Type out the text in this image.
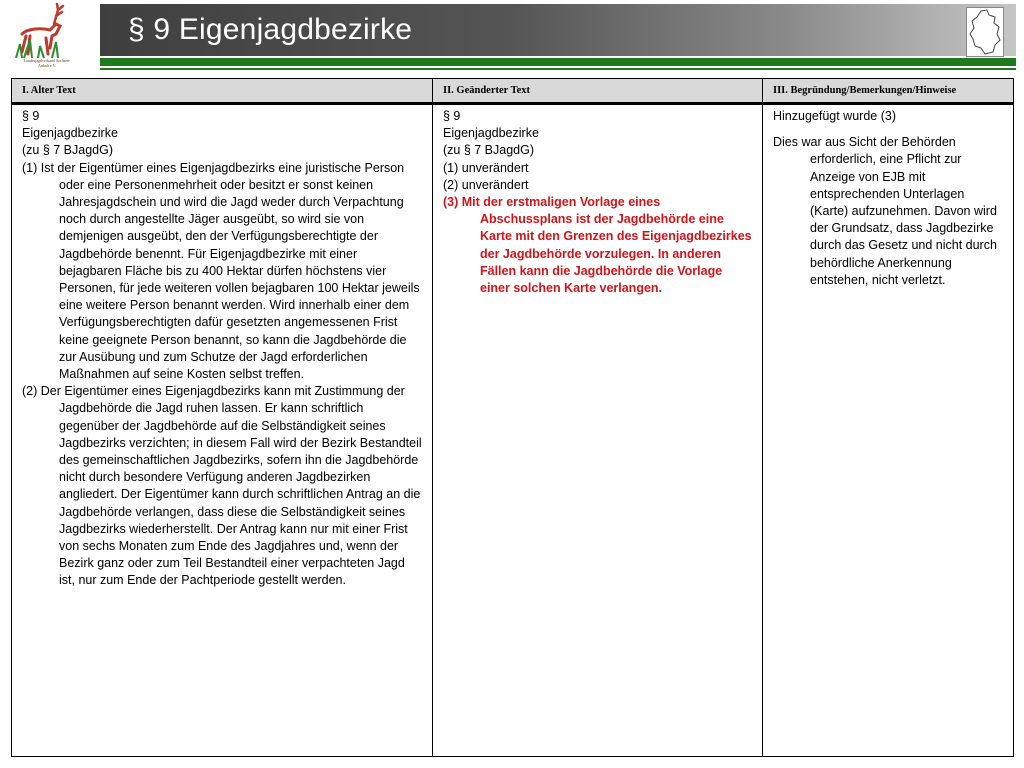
Landesjagdverband Sachsen-Anhalt e.V.
§ 9 Eigenjagdbezirke
I. Alter Text

§ 9

Eigenjagdbezirke

(zu § 7 BJagdG)

(1) Ist der Eigentümer eines Eigenjagdbezirks eine juristische Person oder eine Personenmehrheit oder besitzt er sonst keinen Jahresjagdschein und wird die Jagd weder durch Verpachtung noch durch angestellte Jäger ausgeübt, so wird sie von demjenigen ausgeübt, den der Verfügungsberechtigte der Jagdbehörde benennt. Für Eigenjagdbezirke mit einer bejagbaren Fläche bis zu 400 Hektar dürfen höchstens vier Personen, für jede weiteren vollen bejagbaren 100 Hektar jeweils eine weitere Person benannt werden. Wird innerhalb einer dem Verfügungsberechtigten dafür gesetzten angemessenen Frist keine geeignete Person benannt, so kann die Jagdbehörde die zur Ausübung und zum Schutze der Jagd erforderlichen Maßnahmen auf seine Kosten selbst treffen.

(2) Der Eigentümer eines Eigenjagdbezirks kann mit Zustimmung der Jagdbehörde die Jagd ruhen lassen. Er kann schriftlich gegenüber der Jagdbehörde auf die Selbständigkeit seines Jagdbezirks verzichten; in diesem Fall wird der Bezirk Bestandteil des gemeinschaftlichen Jagdbezirks, sofern ihn die Jagdbehörde nicht durch besondere Verfügung anderen Jagdbezirken angliedert. Der Eigentümer kann durch schriftlichen Antrag an die Jagdbehörde verlangen, dass diese die Selbständigkeit seines Jagdbezirks wiederherstellt. Der Antrag kann nur mit einer Frist von sechs Monaten zum Ende des Jagdjahres und, wenn der Bezirk ganz oder zum Teil Bestandteil einer verpachteten Jagd ist, nur zum Ende der Pachtperiode gestellt werden.

II. Geänderter Text

§ 9

Eigenjagdbezirke

(zu § 7 BJagdG)

(1) unverändert

(2) unverändert

(3) Mit der erstmaligen Vorlage eines Abschussplans ist der Jagdbehörde eine Karte mit den Grenzen des Eigenjagdbezirkes der Jagdbehörde vorzulegen. In anderen Fällen kann die Jagdbehörde die Vorlage einer solchen Karte verlangen.

III. Begründung/Bemerkungen/Hinweise

Hinzugefügt wurde (3)

Dies war aus Sicht der Behörden erforderlich, eine Pflicht zur Anzeige von EJB mit entsprechenden Unterlagen (Karte) aufzunehmen. Davon wird der Grundsatz, dass Jagdbezirke durch das Gesetz und nicht durch behördliche Anerkennung entstehen, nicht verletzt.
